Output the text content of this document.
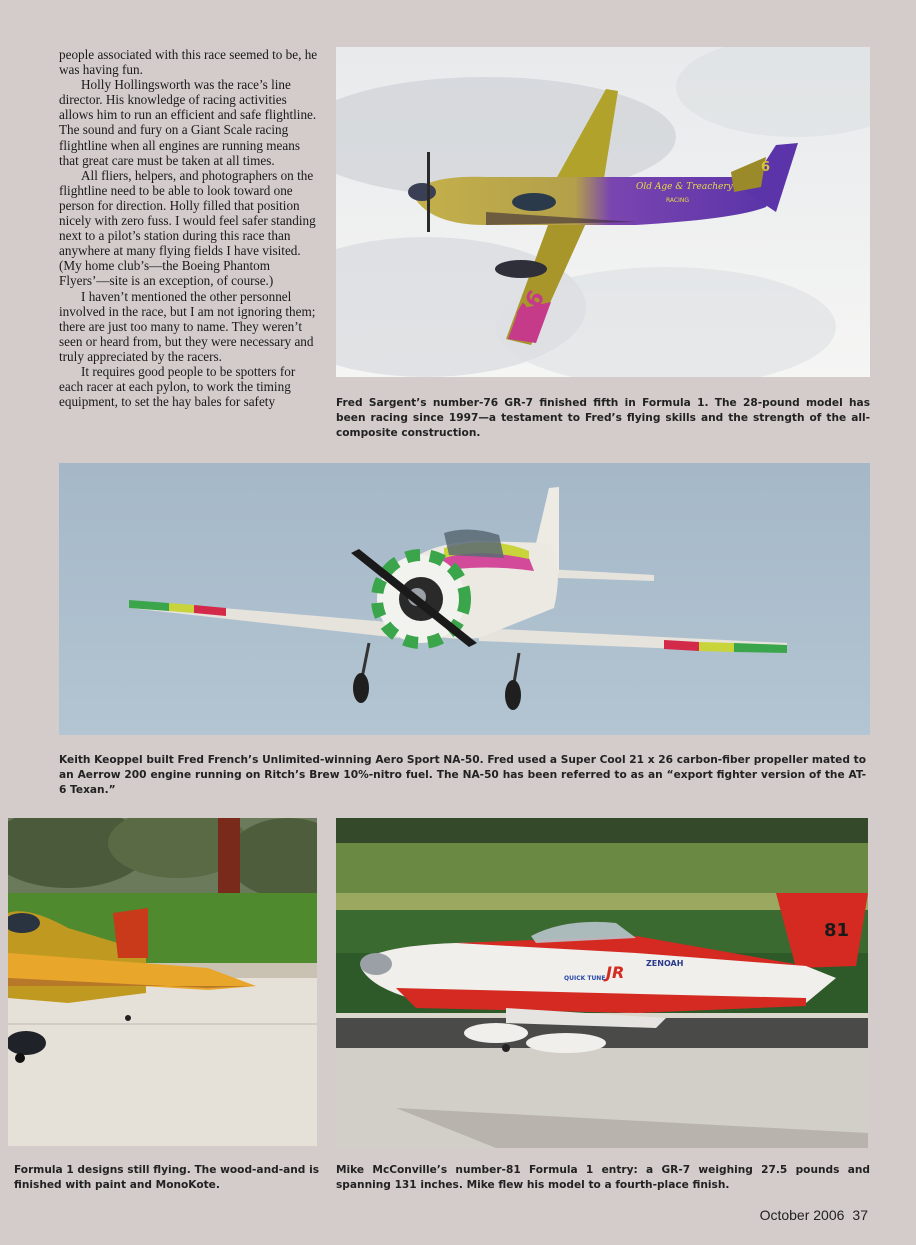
people associated with this race seemed to be, he was having fun.

Holly Hollingsworth was the race’s line director. His knowledge of racing activities allows him to run an efficient and safe flightline. The sound and fury on a Giant Scale racing flightline when all engines are running means that great care must be taken at all times.

All fliers, helpers, and photographers on the flightline need to be able to look toward one person for direction. Holly filled that position nicely with zero fuss. I would feel safer standing next to a pilot’s station during this race than anywhere at many flying fields I have visited. (My home club’s—the Boeing Phantom Flyers’—site is an exception, of course.)

I haven’t mentioned the other personnel involved in the race, but I am not ignoring them; there are just too many to name. They weren’t seen or heard from, but they were necessary and truly appreciated by the racers.

It requires good people to be spotters for each racer at each pylon, to work the timing equipment, to set the hay bales for safety

6
Old Age & Treachery
RACING
76
Fred Sargent’s number-76 GR-7 finished fifth in Formula 1. The 28-pound model has been racing since 1997—a testament to Fred’s flying skills and the strength of the all-composite construction.
Keith Keoppel built Fred French’s Unlimited-winning Aero Sport NA-50. Fred used a Super Cool 21 x 26 carbon-fiber propeller mated to an Aerrow 200 engine running on Ritch’s Brew 10%-nitro fuel. The NA-50 has been referred to as an “export fighter version of the AT-6 Texan.”
Formula 1 designs still flying. The wood-and-and is finished with paint and MonoKote.
81
JR	ZENOAH
QUICK TUNE
Mike McConville’s number-81 Formula 1 entry: a GR-7 weighing 27.5 pounds and spanning 131 inches. Mike flew his model to a fourth-place finish.
October 2006 37
